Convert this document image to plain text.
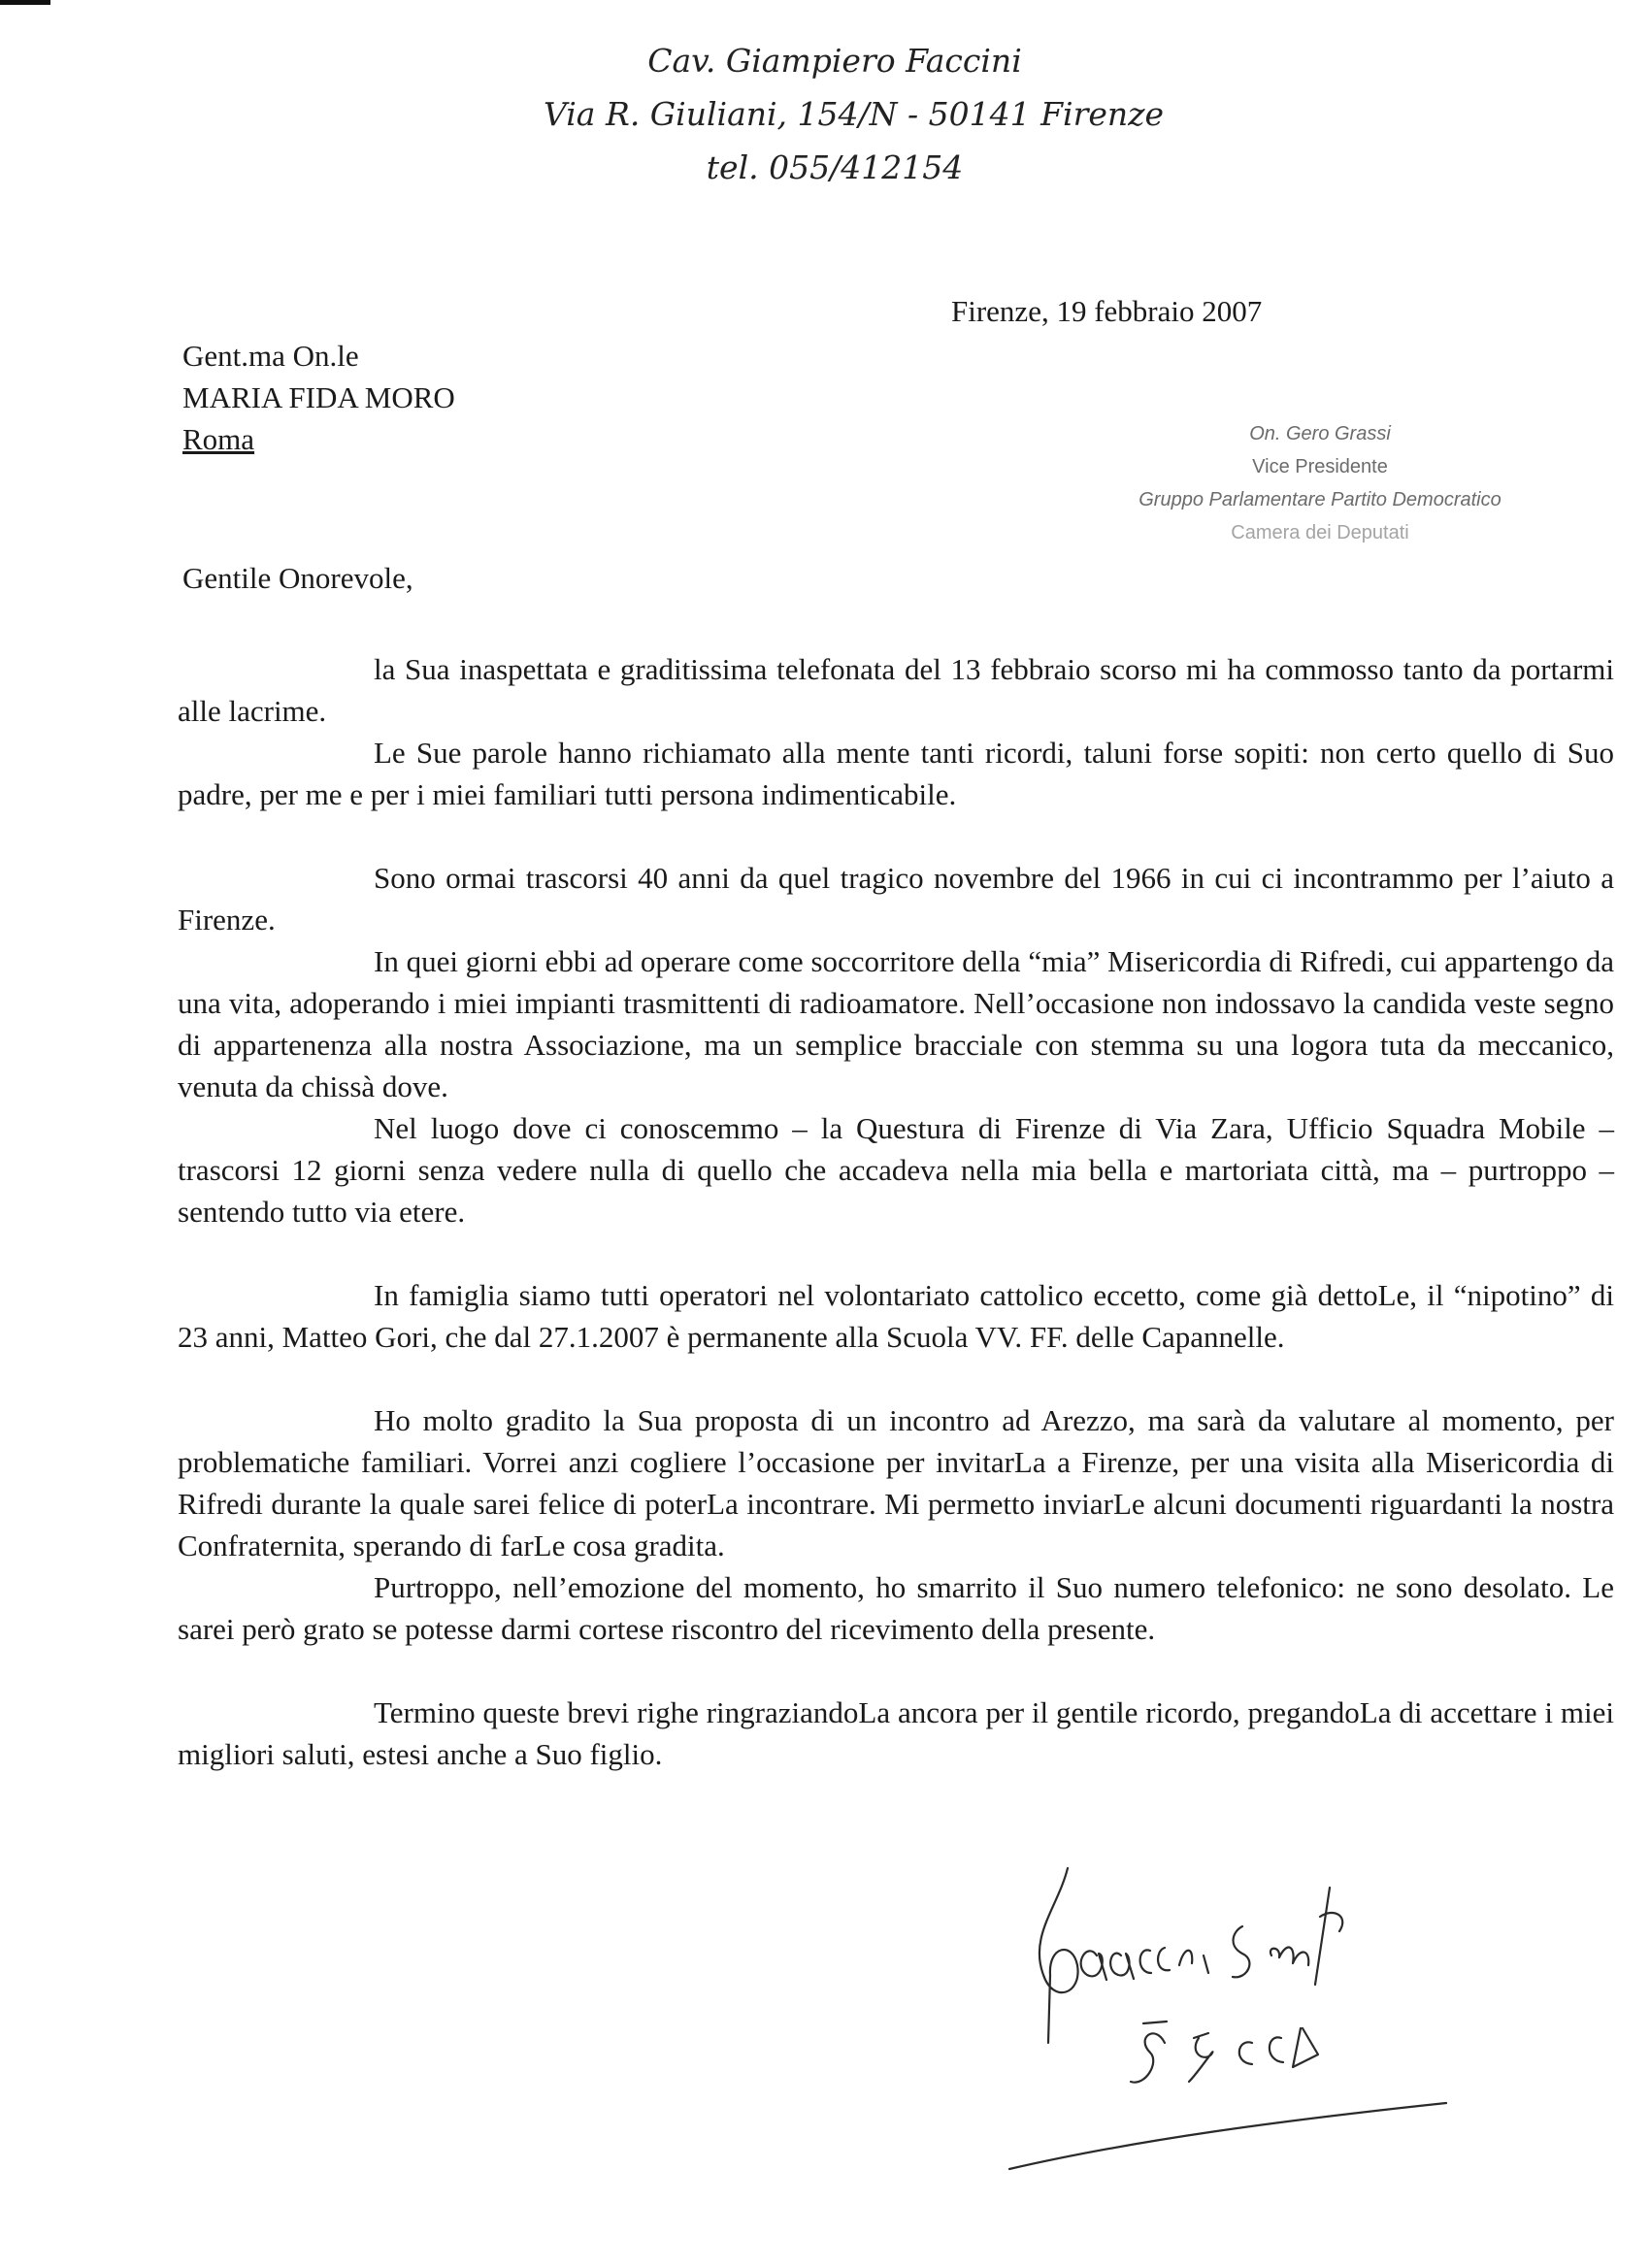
Cav. Giampiero Faccini
Via R. Giuliani, 154/N - 50141 Firenze
tel. 055/412154
Firenze, 19 febbraio 2007
Gent.ma On.le
MARIA FIDA MORO
Roma	On. Gero Grassi
Vice Presidente
Gruppo Parlamentare Partito Democratico
Camera dei Deputati
Gentile Onorevole,

la Sua inaspettata e graditissima telefonata del 13 febbraio scorso mi ha commosso tanto da portarmi alle lacrime.

Le Sue parole hanno richiamato alla mente tanti ricordi, taluni forse sopiti: non certo quello di Suo padre, per me e per i miei familiari tutti persona indimenticabile.

Sono ormai trascorsi 40 anni da quel tragico novembre del 1966 in cui ci incontrammo per l’aiuto a Firenze.

In quei giorni ebbi ad operare come soccorritore della “mia” Misericordia di Rifredi, cui appartengo da una vita, adoperando i miei impianti trasmittenti di radioamatore. Nell’occasione non indossavo la candida veste segno di appartenenza alla nostra Associazione, ma un semplice bracciale con stemma su una logora tuta da meccanico, venuta da chissà dove.

Nel luogo dove ci conoscemmo – la Questura di Firenze di Via Zara, Ufficio Squadra Mobile – trascorsi 12 giorni senza vedere nulla di quello che accadeva nella mia bella e martoriata città, ma – purtroppo – sentendo tutto via etere.

In famiglia siamo tutti operatori nel volontariato cattolico eccetto, come già dettoLe, il “nipotino” di 23 anni, Matteo Gori, che dal 27.1.2007 è permanente alla Scuola VV. FF. delle Capannelle.

Ho molto gradito la Sua proposta di un incontro ad Arezzo, ma sarà da valutare al momento, per problematiche familiari. Vorrei anzi cogliere l’occasione per invitarLa a Firenze, per una visita alla Misericordia di Rifredi durante la quale sarei felice di poterLa incontrare. Mi permetto inviarLe alcuni documenti riguardanti la nostra Confraternita, sperando di farLe cosa gradita.

Purtroppo, nell’emozione del momento, ho smarrito il Suo numero telefonico: ne sono desolato. Le sarei però grato se potesse darmi cortese riscontro del ricevimento della presente.

Termino queste brevi righe ringraziandoLa ancora per il gentile ricordo, pregandoLa di accettare i miei migliori saluti, estesi anche a Suo figlio.
